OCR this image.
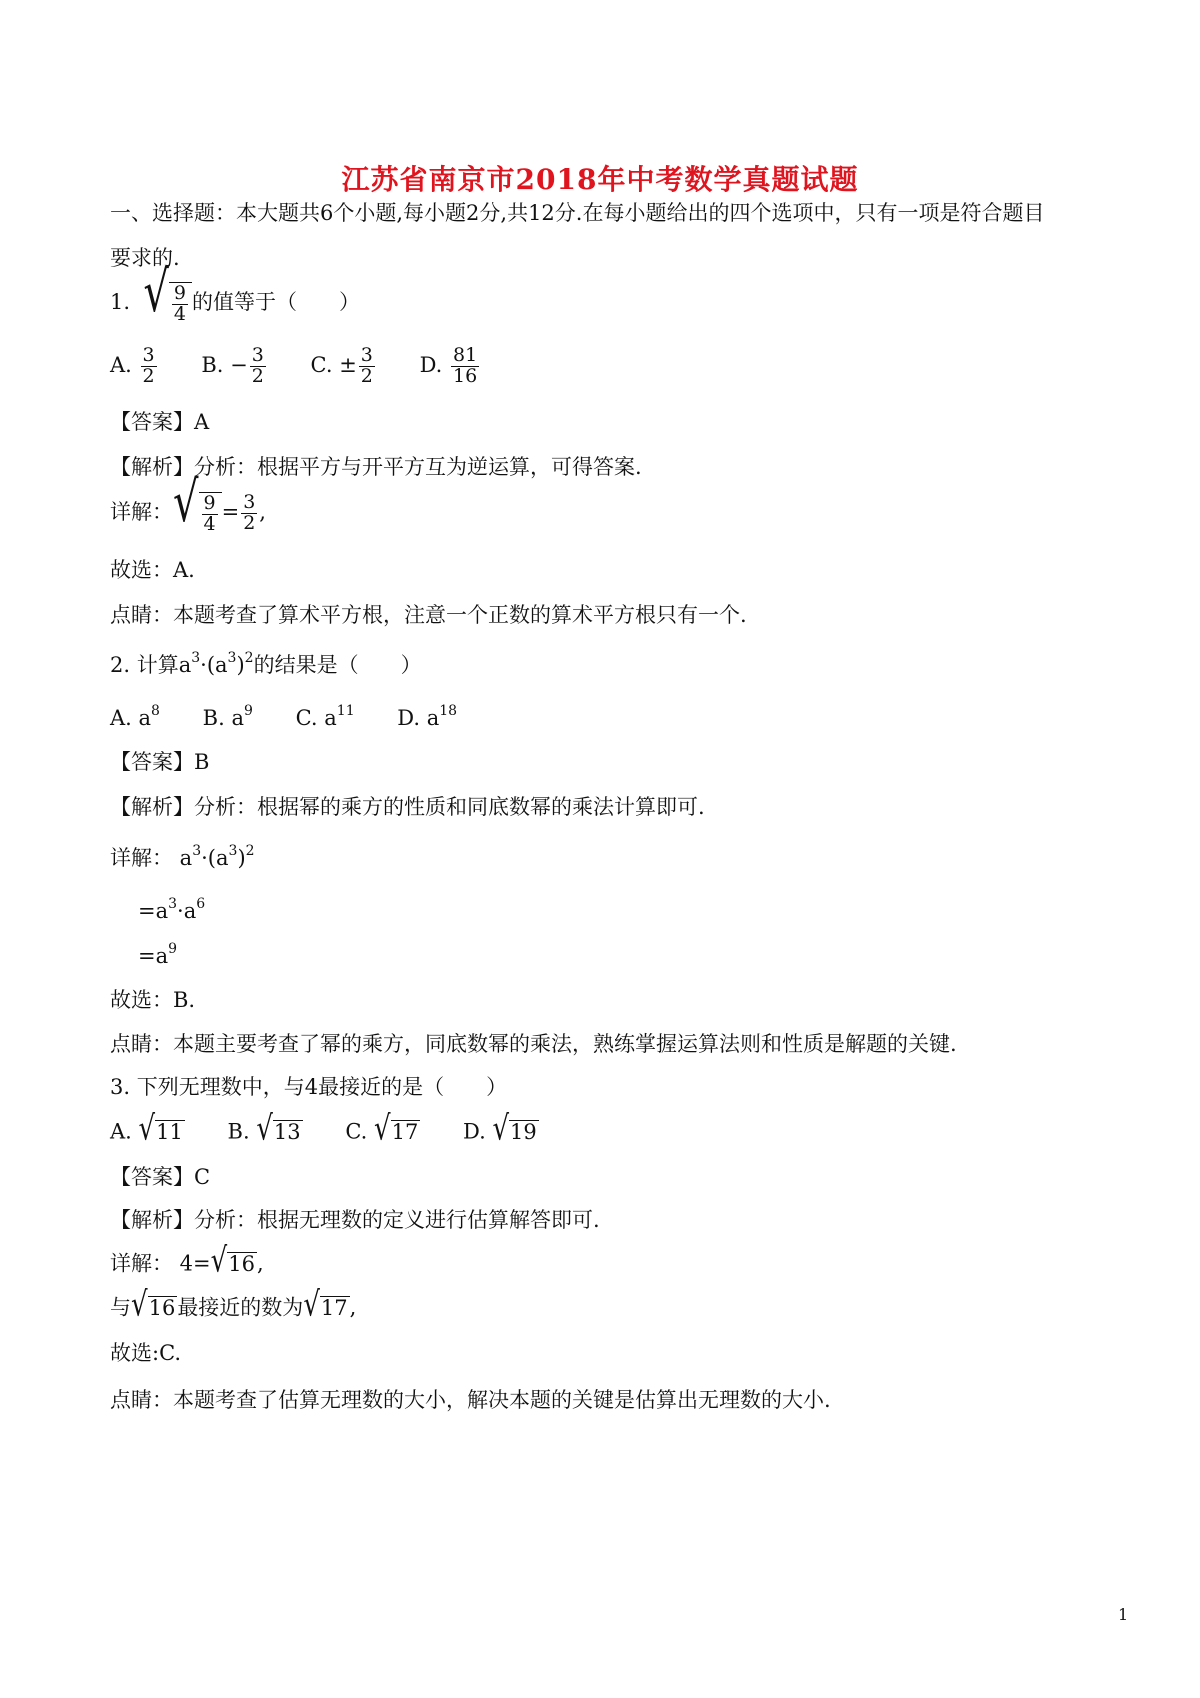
江苏省南京市2018年中考数学真题试题
一、选择题：本大题共6个小题,每小题2分,共12分.在每小题给出的四个选项中，只有一项是符合题目
要求的.
1. √ $\frac{9}{4}$ 的值等于（　　）
A. $\frac{3}{2} B$. − $\frac{3}{2} C$. ± $\frac{3}{2} D$. $\frac{81}{16}$
【答案】A
【解析】分析：根据平方与开平方互为逆运算，可得答案.
详解： √ $\frac{9}{4} = \frac{3}{2}$ ,
故选：A.
点睛：本题考查了算术平方根，注意一个正数的算术平方根只有一个.
2. 计算$a^3\cdot(a^3)^2$的结果是（　　）
A. $a^8$ B. $a^9$ C. $a^{11}$ D. $a^{18}$
【答案】B
【解析】分析：根据幂的乘方的性质和同底数幂的乘法计算即可.
详解： $a^3\cdot(a^3)^2$
$=a^3\cdot a^6$
$=a^9$
故选：B.
点睛：本题主要考查了幂的乘方，同底数幂的乘法，熟练掌握运算法则和性质是解题的关键.
3. 下列无理数中，与4最接近的是（　　）
A. √ 11 B. √ 13 C. √ 17 D. √ 19
【答案】C
【解析】分析：根据无理数的定义进行估算解答即可.
详解： 4= √ 16 ,
与 √ 16 最接近的数为 √ 17 ,
故选:C.
点睛：本题考查了估算无理数的大小，解决本题的关键是估算出无理数的大小.
1
